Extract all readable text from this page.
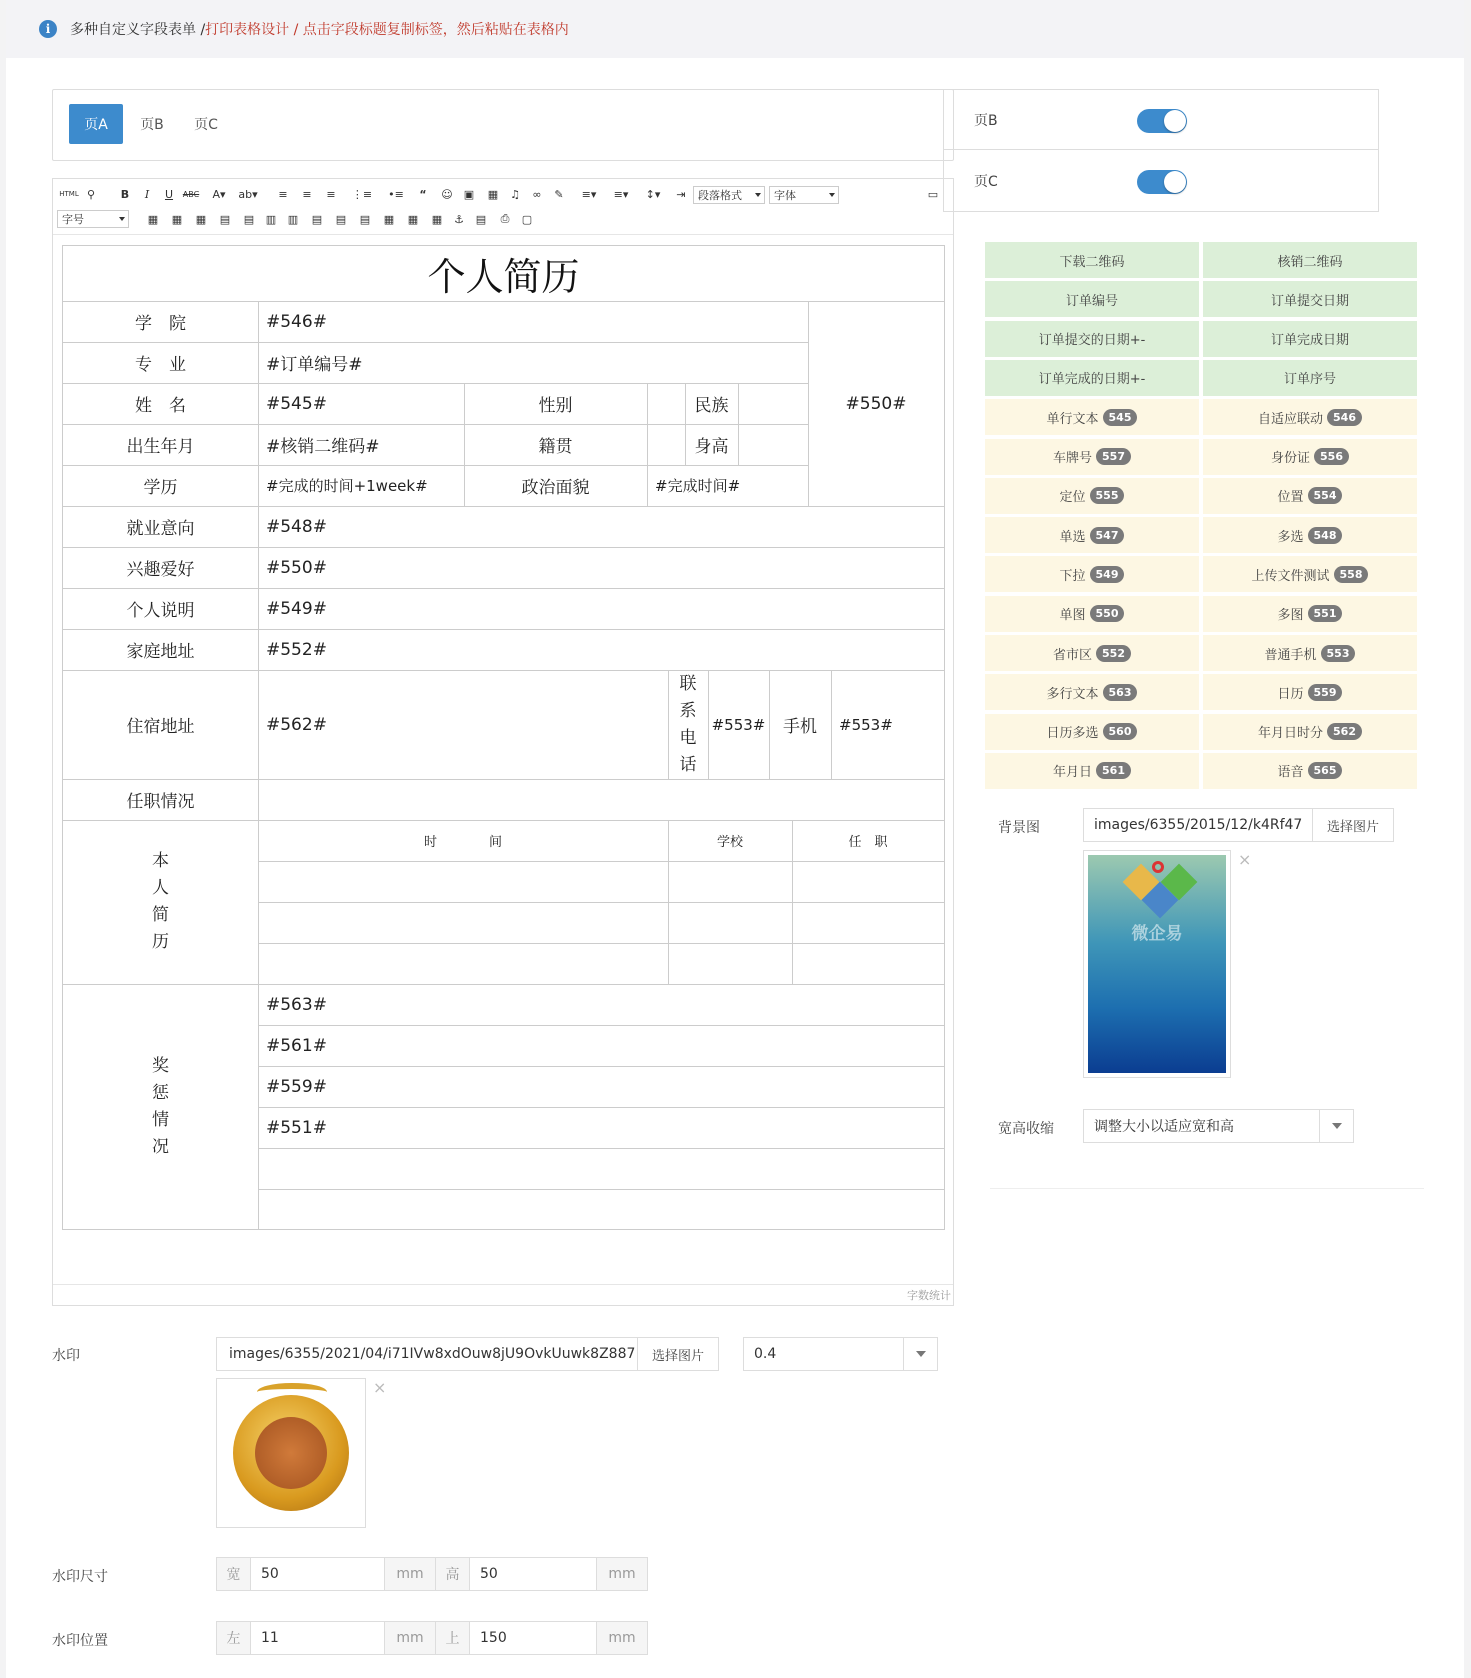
i	多种自定义字段表单 / 打印表格设计 / 点击字段标题复制标签，然后粘贴在表格内
页A	页B	页C
HTML ⚲	B	I	U	ABC	A▾	ab▾	≡	≡	≡	⋮≡	•≡	“	☺ ▣ ▦ ♫	∞	✎	≡▾	≡▾	↕▾	⇥	段落格式	字体	▭
字号	▦ ▦ ▦ ▤ ▤ ▥ ▥ ▤ ▤ ▤ ▦ ▦ ▦ ⚓ ▤	⎙	▢
个人简历
学　院	#546#
#550#
专　业	#订单编号#
姓　名	#545#	性别	民族
出生年月	#核销二维码#	籍贯	身高
学历	#完成的时间+1week#	政治面貌	#完成时间#
就业意向	#548#
兴趣爱好	#550#
个人说明	#549#
家庭地址	#552#
住宿地址	#562#
联
系
电
话
#553#	手机	#553#
任职情况
本
人
简
历
时　　　　间	学校	任　职
奖
惩
情
况
#563#
#561#
#559#
#551#
字数统计
页B
页C
下载二维码	核销二维码
订单编号	订单提交日期
订单提交的日期+-	订单完成日期
订单完成的日期+-	订单序号
单行文本 545	自适应联动 546
车牌号 557	身份证 556
定位 555	位置 554
单选 547	多选 548
下拉 549	上传文件测试 558
单图 550	多图 551
省市区 552	普通手机 553
多行文本 563	日历 559
日历多选 560	年月日时分 562
年月日 561	语音 565
背景图	images/6355/2015/12/k4Rf47	选择图片
微企易
×
宽高收缩	调整大小以适应宽和高
水印	images/6355/2021/04/i71IVw8xdOuw8jU9OvkUuwk8Z887	选择图片	0.4
×
水印尺寸	宽	50	mm	高	50	mm
水印位置	左	11	mm	上	150	mm
